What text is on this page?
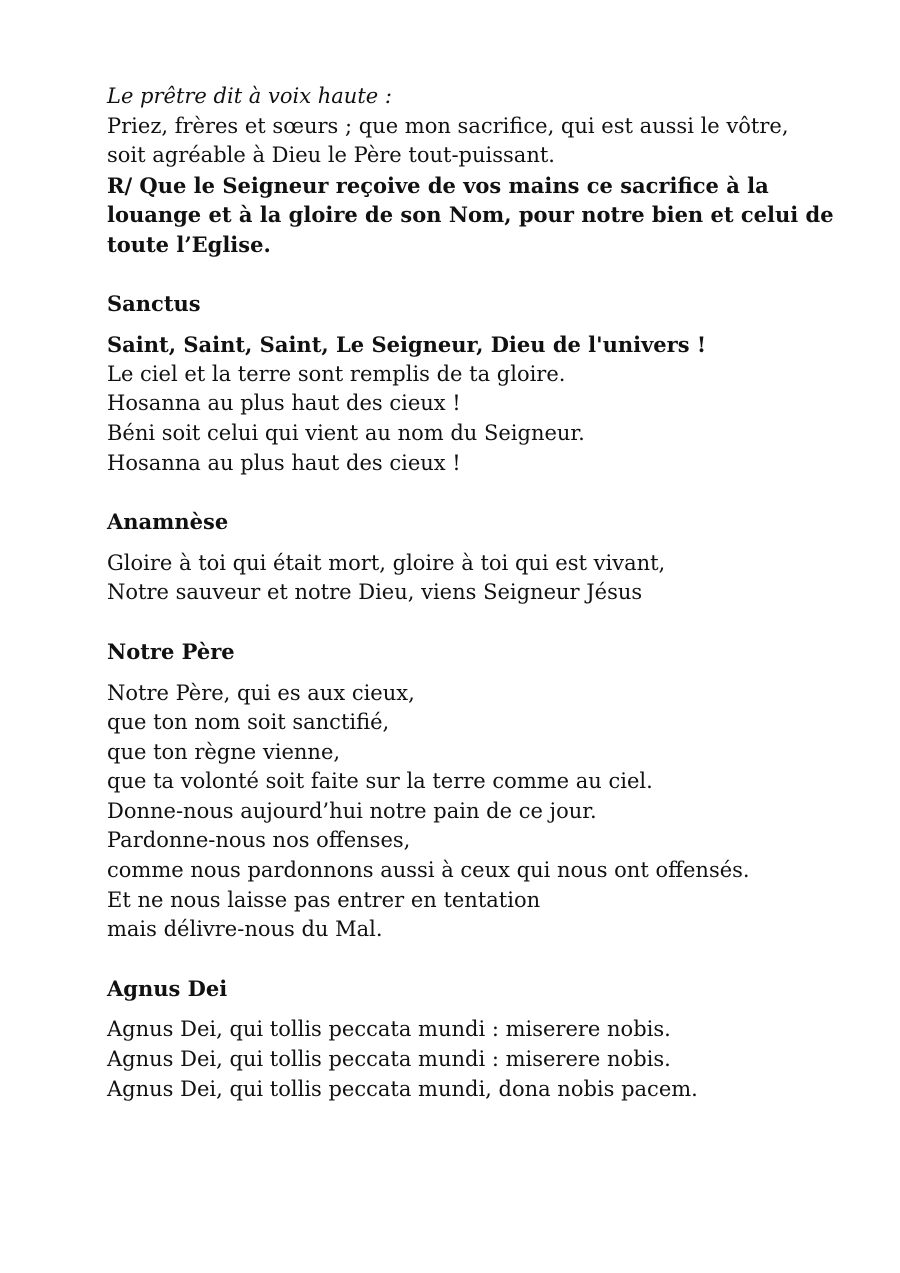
Le prêtre dit à voix haute :

Priez, frères et sœurs ; que mon sacrifice, qui est aussi le vôtre,

soit agréable à Dieu le Père tout-puissant.

R/ Que le Seigneur reçoive de vos mains ce sacrifice à la

louange et à la gloire de son Nom, pour notre bien et celui de

toute l’Eglise.

Sanctus

Saint, Saint, Saint, Le Seigneur, Dieu de l'univers !

Le ciel et la terre sont remplis de ta gloire.

Hosanna au plus haut des cieux !

Béni soit celui qui vient au nom du Seigneur.

Hosanna au plus haut des cieux !

Anamnèse

Gloire à toi qui était mort, gloire à toi qui est vivant,

Notre sauveur et notre Dieu, viens Seigneur Jésus

Notre Père

Notre Père, qui es aux cieux,

que ton nom soit sanctifié,

que ton règne vienne,

que ta volonté soit faite sur la terre comme au ciel.

Donne-nous aujourd’hui notre pain de ce jour.

Pardonne-nous nos offenses,

comme nous pardonnons aussi à ceux qui nous ont offensés.

Et ne nous laisse pas entrer en tentation

mais délivre-nous du Mal.

Agnus Dei

Agnus Dei, qui tollis peccata mundi : miserere nobis.

Agnus Dei, qui tollis peccata mundi : miserere nobis.

Agnus Dei, qui tollis peccata mundi, dona nobis pacem.
